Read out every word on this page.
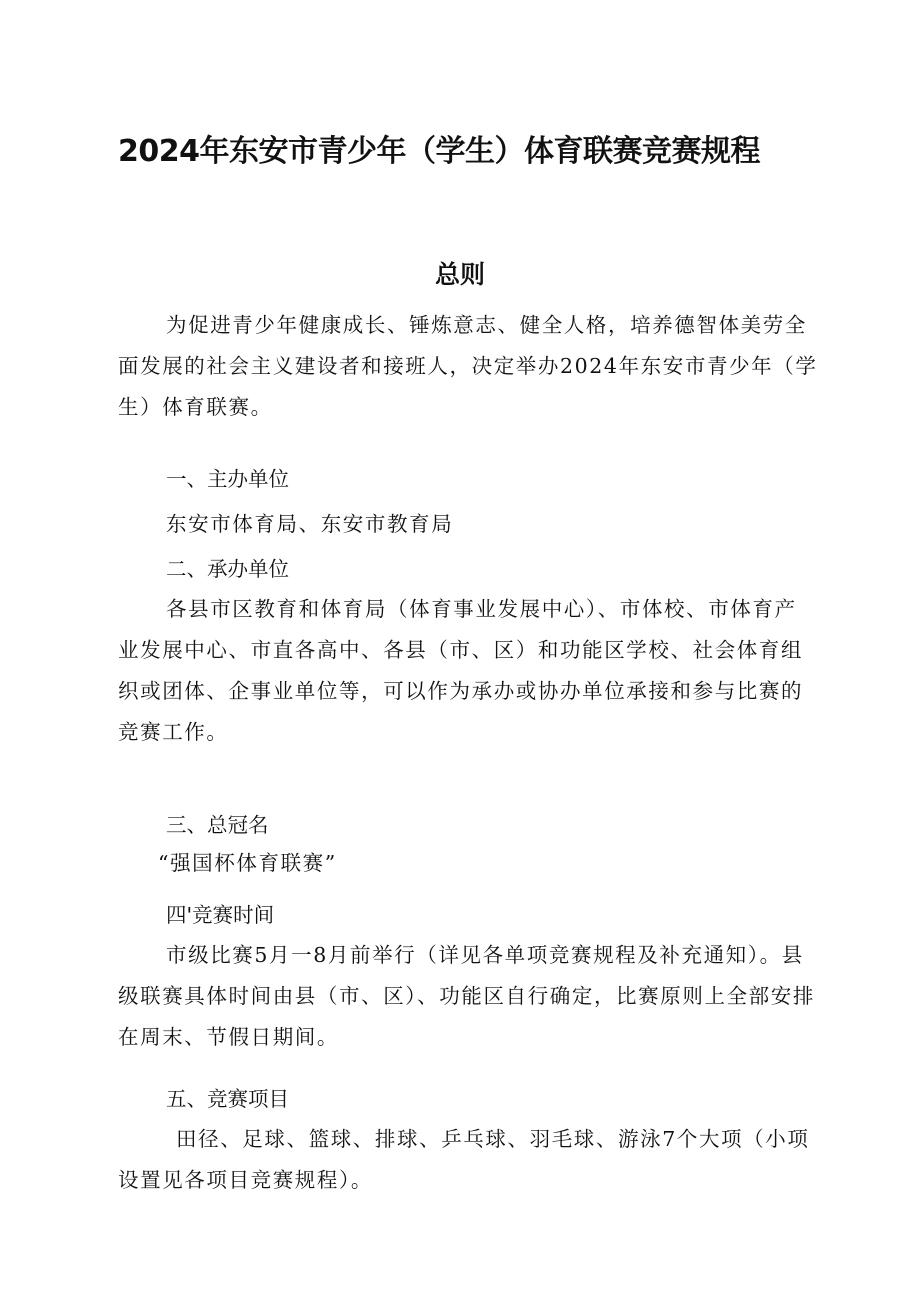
2024年东安市青少年（学生）体育联赛竞赛规程
总则

为促进青少年健康成长、锤炼意志、健全人格，培养德智体美劳全面发展的社会主义建设者和接班人，决定举办2024年东安市青少年（学生）体育联赛。

一、主办单位
东安市体育局、东安市教育局
二、承办单位

各县市区教育和体育局（体育事业发展中心）、市体校、市体育产业发展中心、市直各高中、各县（市、区）和功能区学校、社会体育组织或团体、企事业单位等，可以作为承办或协办单位承接和参与比赛的竞赛工作。

三、总冠名
“强国杯体育联赛”
四'竞赛时间

市级比赛5月一8月前举行（详见各单项竞赛规程及补充通知）。县级联赛具体时间由县（市、区）、功能区自行确定，比赛原则上全部安排在周末、节假日期间。

五、竞赛项目

田径、足球、篮球、排球、乒乓球、羽毛球、游泳7个大项（小项设置见各项目竞赛规程）。
